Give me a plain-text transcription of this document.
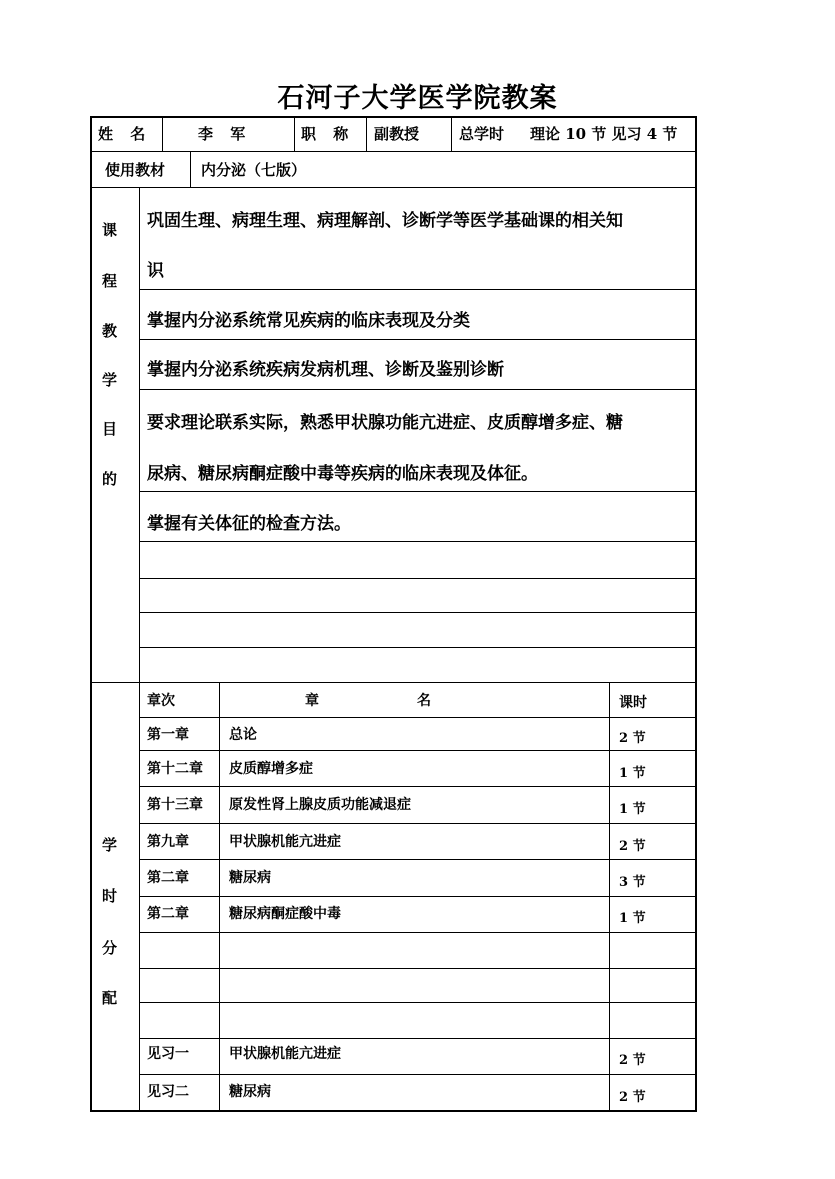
石河子大学医学院教案
姓 名	李 军	职 称 副教授	总学时 理论 10 节 见习 4 节
使用教材 内分泌（七版）
课
程
教
学
目
的
巩固生理、病理生理、病理解剖、诊断学等医学基础课的相关知
识
掌握内分泌系统常见疾病的临床表现及分类
掌握内分泌系统疾病发病机理、诊断及鉴别诊断
要求理论联系实际，熟悉甲状腺功能亢进症、皮质醇增多症、糖
尿病、糖尿病酮症酸中毒等疾病的临床表现及体征。
掌握有关体征的检查方法。
学
时
分
配
章次	章　　　　　　　名	课时
第一章	总论	2 节
第十二章 皮质醇增多症	1 节
第十三章 原发性肾上腺皮质功能减退症	1 节
第九章	甲状腺机能亢进症	2 节
第二章	糖尿病	3 节
第二章	糖尿病酮症酸中毒	1 节
见习一	甲状腺机能亢进症	2 节
见习二	糖尿病	2 节
